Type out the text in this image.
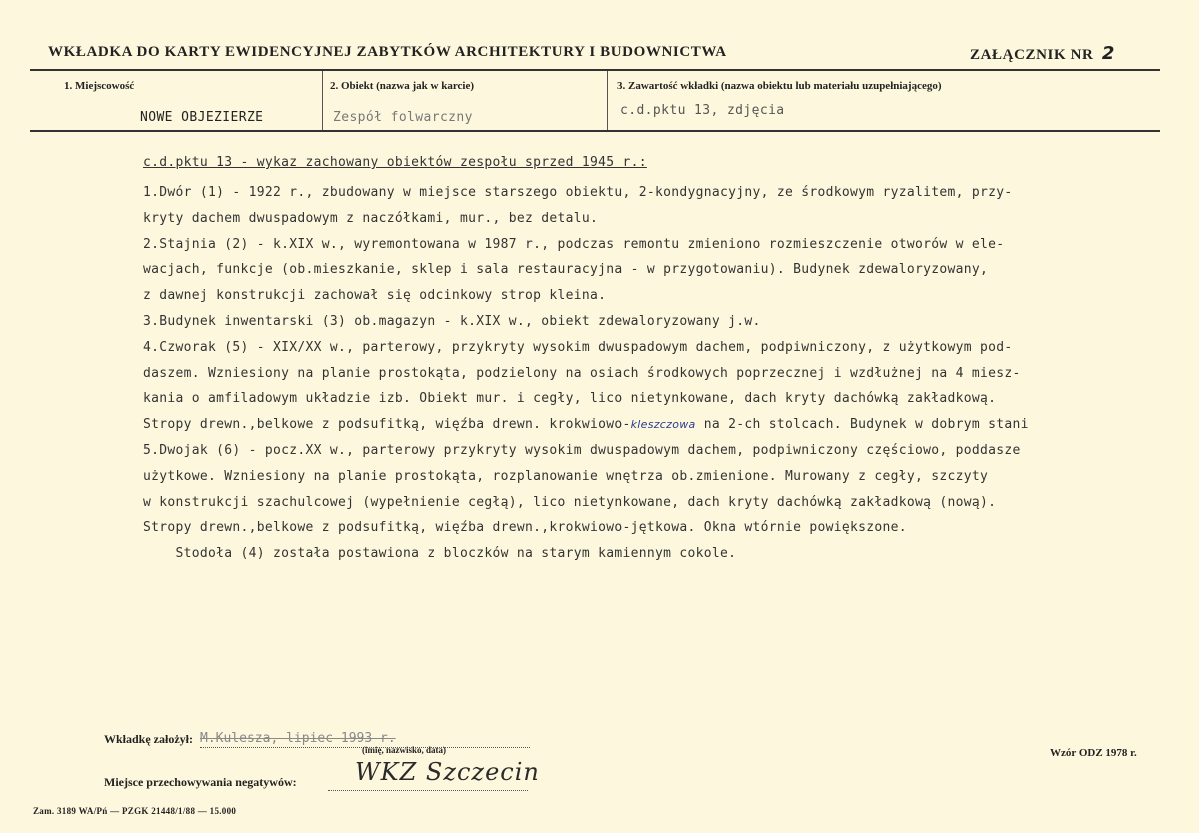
WKŁADKA DO KARTY EWIDENCYJNEJ ZABYTKÓW ARCHITEKTURY I BUDOWNICTWA	ZAŁĄCZNIK NR 2
1. Miejscowość
NOWE OBJEZIERZE
2. Obiekt (nazwa jak w karcie)
Zespół folwarczny
3. Zawartość wkładki (nazwa obiektu lub materiału uzupełniającego)
c.d.pktu 13, zdjęcia
c.d.pktu 13 - wykaz zachowany obiektów zespołu sprzed 1945 r.:
1.Dwór (1) - 1922 r., zbudowany w miejsce starszego obiektu, 2-kondygnacyjny, ze środkowym ryzalitem, przy-
kryty dachem dwuspadowym z naczółkami, mur., bez detalu.
2.Stajnia (2) - k.XIX w., wyremontowana w 1987 r., podczas remontu zmieniono rozmieszczenie otworów w ele-
wacjach, funkcje (ob.mieszkanie, sklep i sala restauracyjna - w przygotowaniu). Budynek zdewaloryzowany,
z dawnej konstrukcji zachował się odcinkowy strop kleina.
3.Budynek inwentarski (3) ob.magazyn - k.XIX w., obiekt zdewaloryzowany j.w.
4.Czworak (5) - XIX/XX w., parterowy, przykryty wysokim dwuspadowym dachem, podpiwniczony, z użytkowym pod-
daszem. Wzniesiony na planie prostokąta, podzielony na osiach środkowych poprzecznej i wzdłużnej na 4 miesz-
kania o amfiladowym układzie izb. Obiekt mur. i cegły, lico nietynkowane, dach kryty dachówką zakładkową.
Stropy drewn.,belkowe z podsufitką, więźba drewn. krokwiowo-kleszczowa na 2-ch stolcach. Budynek w dobrym stani
5.Dwojak (6) - pocz.XX w., parterowy przykryty wysokim dwuspadowym dachem, podpiwniczony częściowo, poddasze
użytkowe. Wzniesiony na planie prostokąta, rozplanowanie wnętrza ob.zmienione. Murowany z cegły, szczyty
w konstrukcji szachulcowej (wypełnienie cegłą), lico nietynkowane, dach kryty dachówką zakładkową (nową).
Stropy drewn.,belkowe z podsufitką, więźba drewn.,krokwiowo-jętkowa. Okna wtórnie powiększone.
Stodoła (4) została postawiona z bloczków na starym kamiennym cokole.
Wkładkę założył: M.Kulesza, lipiec 1993 r.
(imię, nazwisko, data)
Miejsce przechowywania negatywów: WKZ Szczecin
Wzór ODZ 1978 r.
Zam. 3189 WA/Pń — PZGK 21448/1/88 — 15.000
